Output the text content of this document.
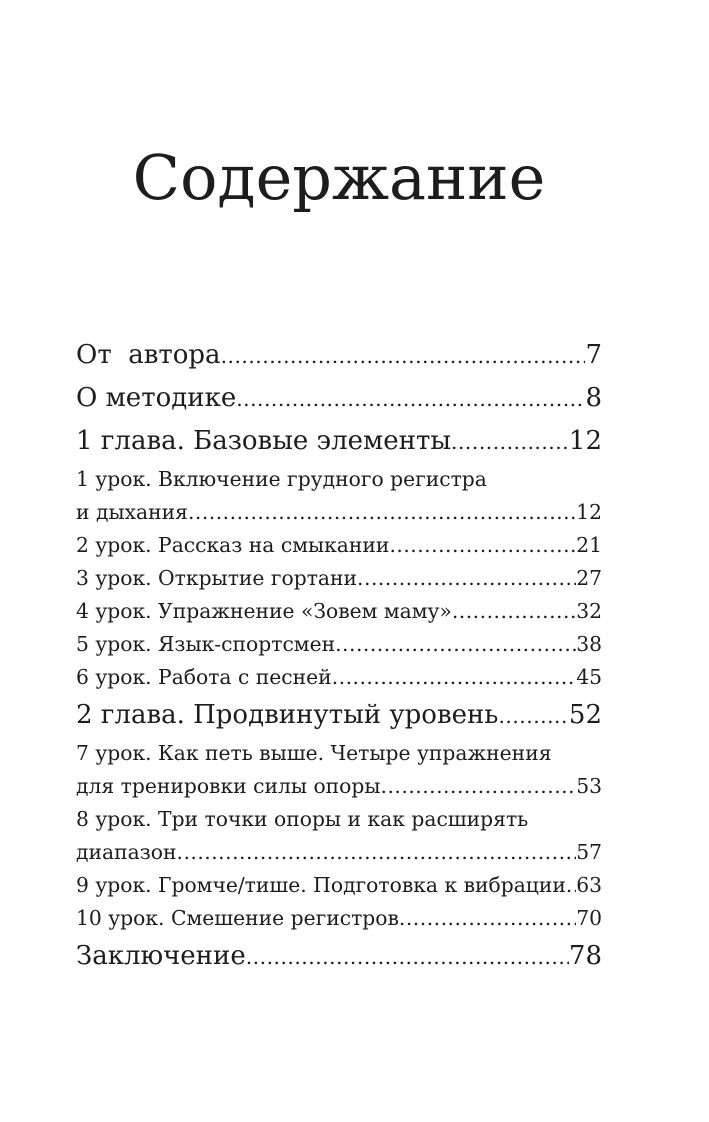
Содержание
От  автора .....	7
О методике .....	8
1 глава. Базовые элементы .....	12
1 урок. Включение грудного регистра
и дыхания .....	12
2 урок. Рассказ на смыкании .....	21
3 урок. Открытие гортани .....	27
4 урок. Упражнение «Зовем маму» .....	32
5 урок. Язык-спортсмен .....	38
6 урок. Работа с песней .....	45
2 глава. Продвинутый уровень .....	52
7 урок. Как петь выше. Четыре упражнения
для тренировки силы опоры .....	53
8 урок. Три точки опоры и как расширять
диапазон .....	57
9 урок. Громче/тише. Подготовка к вибрации ..... 63
10 урок. Смешение регистров .....	70
Заключение .....	78
